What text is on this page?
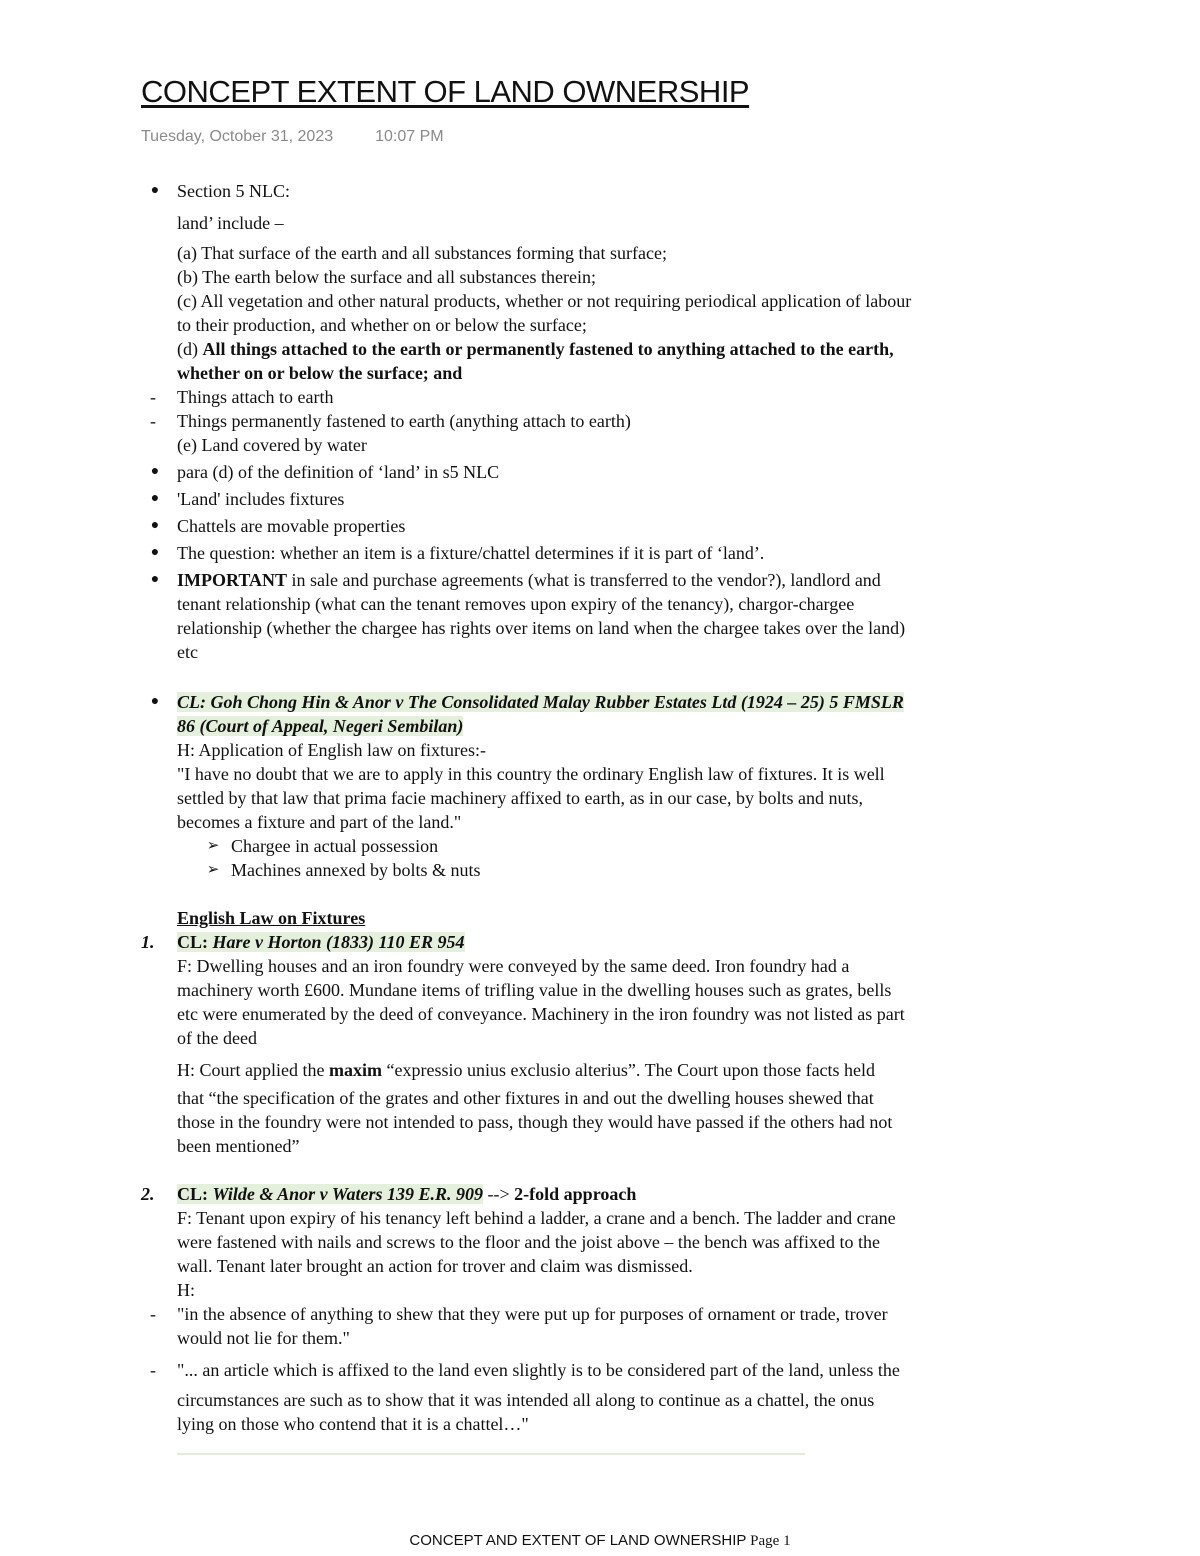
CONCEPT EXTENT OF LAND OWNERSHIP
Tuesday, October 31, 2023	10:07 PM
● Section 5 NLC:
land’ include –
(a) That surface of the earth and all substances forming that surface;
(b) The earth below the surface and all substances therein;
(c) All vegetation and other natural products, whether or not requiring periodical application of labour
to their production, and whether on or below the surface;
(d) All things attached to the earth or permanently fastened to anything attached to the earth,
whether on or below the surface; and
-	Things attach to earth
-	Things permanently fastened to earth (anything attach to earth)
(e) Land covered by water
● para (d) of the definition of ‘land’ in s5 NLC
● 'Land' includes fixtures
● Chattels are movable properties
● The question: whether an item is a fixture/chattel determines if it is part of ‘land’.
● IMPORTANT in sale and purchase agreements (what is transferred to the vendor?), landlord and
tenant relationship (what can the tenant removes upon expiry of the tenancy), chargor-chargee
relationship (whether the chargee has rights over items on land when the chargee takes over the land)
etc
● CL: Goh Chong Hin & Anor v The Consolidated Malay Rubber Estates Ltd (1924 – 25) 5 FMSLR
86 (Court of Appeal, Negeri Sembilan)
H: Application of English law on fixtures:-
"I have no doubt that we are to apply in this country the ordinary English law of fixtures. It is well
settled by that law that prima facie machinery affixed to earth, as in our case, by bolts and nuts,
becomes a fixture and part of the land."
➢ Chargee in actual possession
➢ Machines annexed by bolts & nuts
English Law on Fixtures
1.	CL: Hare v Horton (1833) 110 ER 954
F: Dwelling houses and an iron foundry were conveyed by the same deed. Iron foundry had a
machinery worth £600. Mundane items of trifling value in the dwelling houses such as grates, bells
etc were enumerated by the deed of conveyance. Machinery in the iron foundry was not listed as part
of the deed
H: Court applied the maxim “expressio unius exclusio alterius”. The Court upon those facts held
that “the specification of the grates and other fixtures in and out the dwelling houses shewed that
those in the foundry were not intended to pass, though they would have passed if the others had not
been mentioned”
2.	CL: Wilde & Anor v Waters 139 E.R. 909 --> 2-fold approach
F: Tenant upon expiry of his tenancy left behind a ladder, a crane and a bench. The ladder and crane
were fastened with nails and screws to the floor and the joist above – the bench was affixed to the
wall. Tenant later brought an action for trover and claim was dismissed.
H:
-	"in the absence of anything to shew that they were put up for purposes of ornament or trade, trover
would not lie for them."
-	"... an article which is affixed to the land even slightly is to be considered part of the land, unless the
circumstances are such as to show that it was intended all along to continue as a chattel, the onus
lying on those who contend that it is a chattel…"
CONCEPT AND EXTENT OF LAND OWNERSHIP Page 1
